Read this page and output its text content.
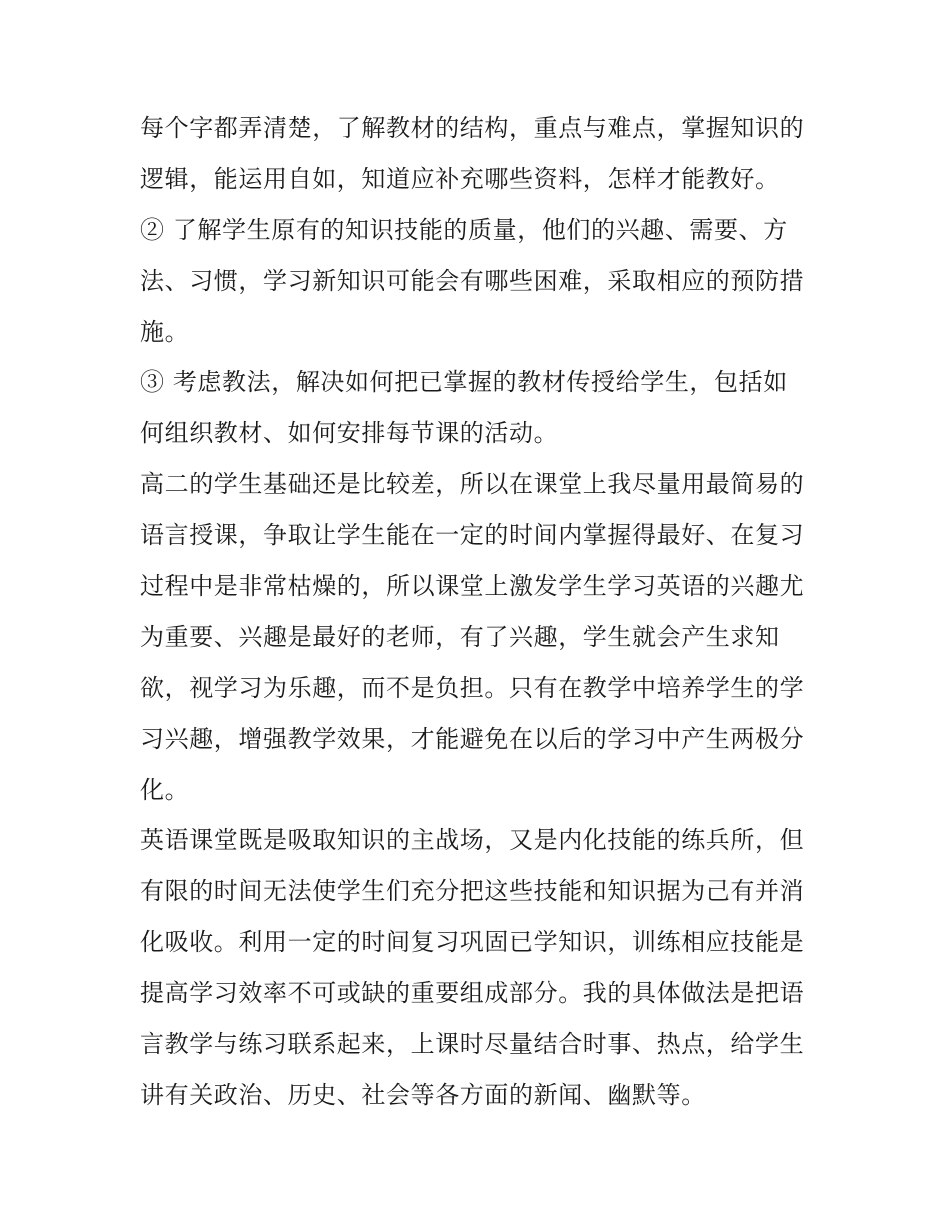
每个字都弄清楚，了解教材的结构，重点与难点，掌握知识的
逻辑，能运用自如，知道应补充哪些资料，怎样才能教好。
② 了解学生原有的知识技能的质量，他们的兴趣、需要、方
法、习惯，学习新知识可能会有哪些困难，采取相应的预防措
施。
③ 考虑教法，解决如何把已掌握的教材传授给学生，包括如
何组织教材、如何安排每节课的活动。
高二的学生基础还是比较差，所以在课堂上我尽量用最简易的
语言授课，争取让学生能在一定的时间内掌握得最好、在复习
过程中是非常枯燥的，所以课堂上激发学生学习英语的兴趣尤
为重要、兴趣是最好的老师，有了兴趣，学生就会产生求知
欲，视学习为乐趣，而不是负担。只有在教学中培养学生的学
习兴趣，增强教学效果，才能避免在以后的学习中产生两极分
化。
英语课堂既是吸取知识的主战场，又是内化技能的练兵所，但
有限的时间无法使学生们充分把这些技能和知识据为己有并消
化吸收。利用一定的时间复习巩固已学知识，训练相应技能是
提高学习效率不可或缺的重要组成部分。我的具体做法是把语
言教学与练习联系起来，上课时尽量结合时事、热点，给学生
讲有关政治、历史、社会等各方面的新闻、幽默等。
